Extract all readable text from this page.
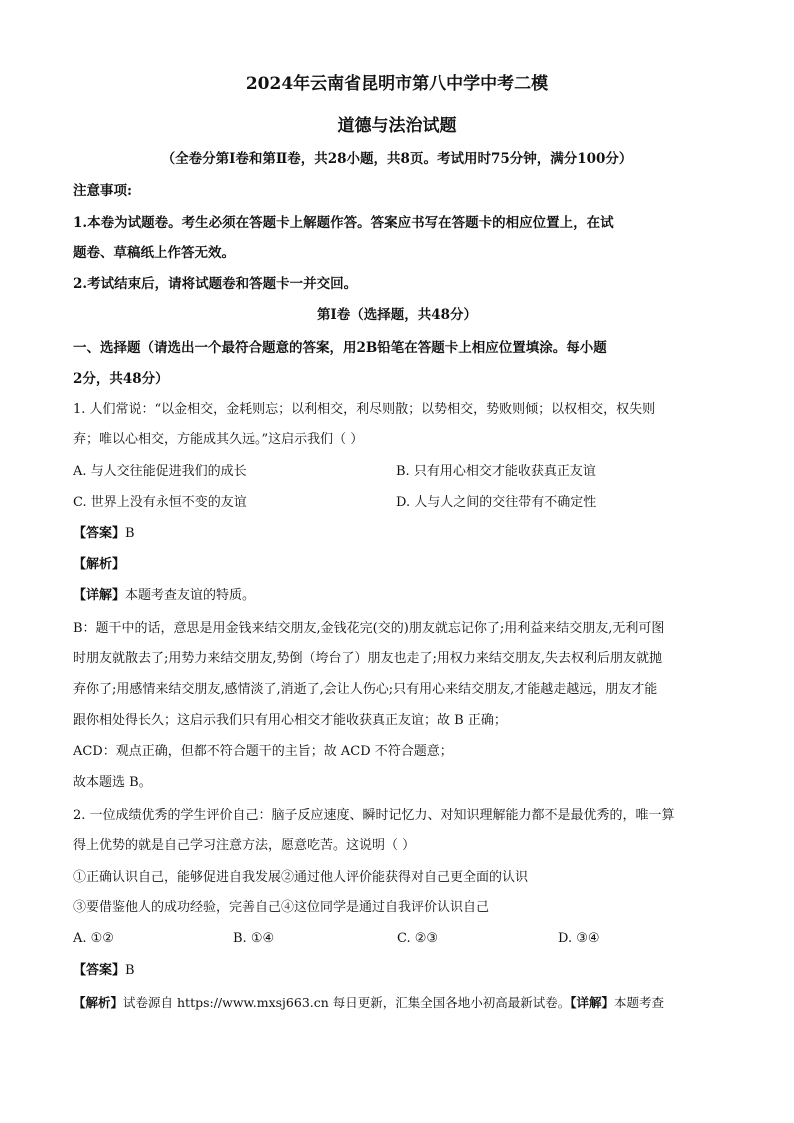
2024年云南省昆明市第八中学中考二模
道德与法治试题
（全卷分第Ⅰ卷和第Ⅱ卷，共28小题，共8页。考试用时75分钟，满分100分）
注意事项:
1.本卷为试题卷。考生必须在答题卡上解题作答。答案应书写在答题卡的相应位置上，在试
题卷、草稿纸上作答无效。
2.考试结束后，请将试题卷和答题卡一并交回。
第Ⅰ卷（选择题，共48分）
一、选择题（请选出一个最符合题意的答案，用2B铅笔在答题卡上相应位置填涂。每小题
2分，共48分）
1. 人们常说：“以金相交，金耗则忘；以利相交，利尽则散；以势相交，势败则倾；以权相交，权失则
弃；唯以心相交，方能成其久远。”这启示我们（ ）
A. 与人交往能促进我们的成长	B. 只有用心相交才能收获真正友谊
C. 世界上没有永恒不变的友谊	D. 人与人之间的交往带有不确定性
【答案】B
【解析】
【详解】本题考查友谊的特质。
B：题干中的话，意思是用金钱来结交朋友,金钱花完(交的)朋友就忘记你了;用利益来结交朋友,无利可图
时朋友就散去了;用势力来结交朋友,势倒（垮台了）朋友也走了;用权力来结交朋友,失去权利后朋友就抛
弃你了;用感情来结交朋友,感情淡了,消逝了,会让人伤心;只有用心来结交朋友,才能越走越远，朋友才能
跟你相处得长久；这启示我们只有用心相交才能收获真正友谊；故 B 正确；
ACD：观点正确，但都不符合题干的主旨；故 ACD 不符合题意；
故本题选 B。
2. 一位成绩优秀的学生评价自己：脑子反应速度、瞬时记忆力、对知识理解能力都不是最优秀的，唯一算
得上优势的就是自己学习注意方法，愿意吃苦。这说明（ ）
①正确认识自己，能够促进自我发展②通过他人评价能获得对自己更全面的认识
③要借鉴他人的成功经验，完善自己④这位同学是通过自我评价认识自己
A. ①②	B. ①④	C. ②③	D. ③④
【答案】B
【解析】试卷源自 https://www.mxsj663.cn 每日更新，汇集全国各地小初高最新试卷。【详解】本题考查
